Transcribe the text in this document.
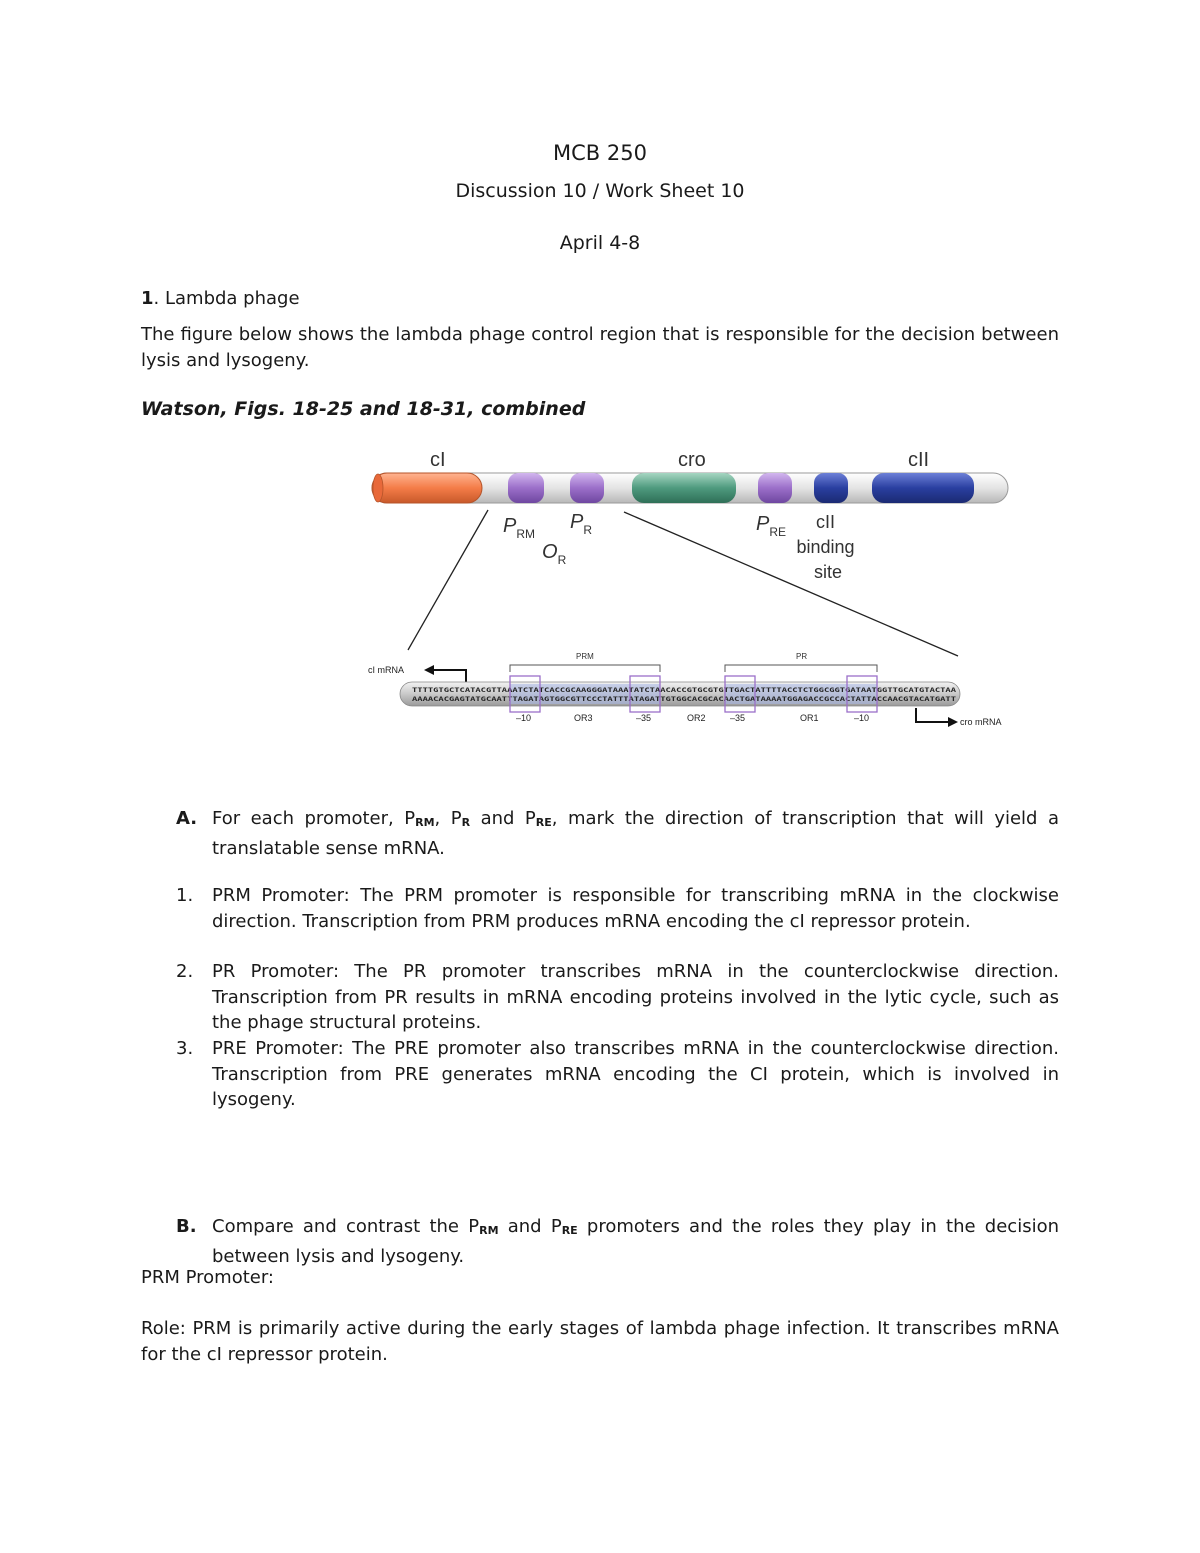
MCB 250
Discussion 10 / Work Sheet 10
April 4-8
1. Lambda phage
The figure below shows the lambda phage control region that is responsible for the decision between lysis and lysogeny.
Watson, Figs. 18-25 and 18-31, combined
cI	cro	cII
$P_{RM}$
$P_R$
$O_R$
$P_{RE}$	cII binding site
cI mRNA
PRM	PR
TTTTGTGCTCATACGTTAAATCTATCACCGCAAGGGATAAATATCTAACACCGTGCGTGTTGACTATTTTACCTCTGGCGGTGATAATGGTTGCATGTACTAA
AAAACACGAGTATGCAATTTAGATAGTGGCGTTCCCTATTTATAGATTGTGGCACGCACAACTGATAAAATGGAGACCGCCACTATTACCAACGTACATGATT
–10	OR3	–35	OR2	–35	OR1	–10	cro mRNA
A. For each promoter, $P_{RM}$, $P_R$ and $P_{RE}$, mark the direction of transcription that will yield a translatable sense mRNA.
1. PRM Promoter: The PRM promoter is responsible for transcribing mRNA in the clockwise direction. Transcription from PRM produces mRNA encoding the cI repressor protein.
2. PR Promoter: The PR promoter transcribes mRNA in the counterclockwise direction. Transcription from PR results in mRNA encoding proteins involved in the lytic cycle, such as the phage structural proteins.
3. PRE Promoter: The PRE promoter also transcribes mRNA in the counterclockwise direction. Transcription from PRE generates mRNA encoding the CI protein, which is involved in lysogeny.
B. Compare and contrast the $P_{RM}$ and $P_{RE}$ promoters and the roles they play in the decision between lysis and lysogeny.
PRM Promoter:
Role: PRM is primarily active during the early stages of lambda phage infection. It transcribes mRNA for the cI repressor protein.
